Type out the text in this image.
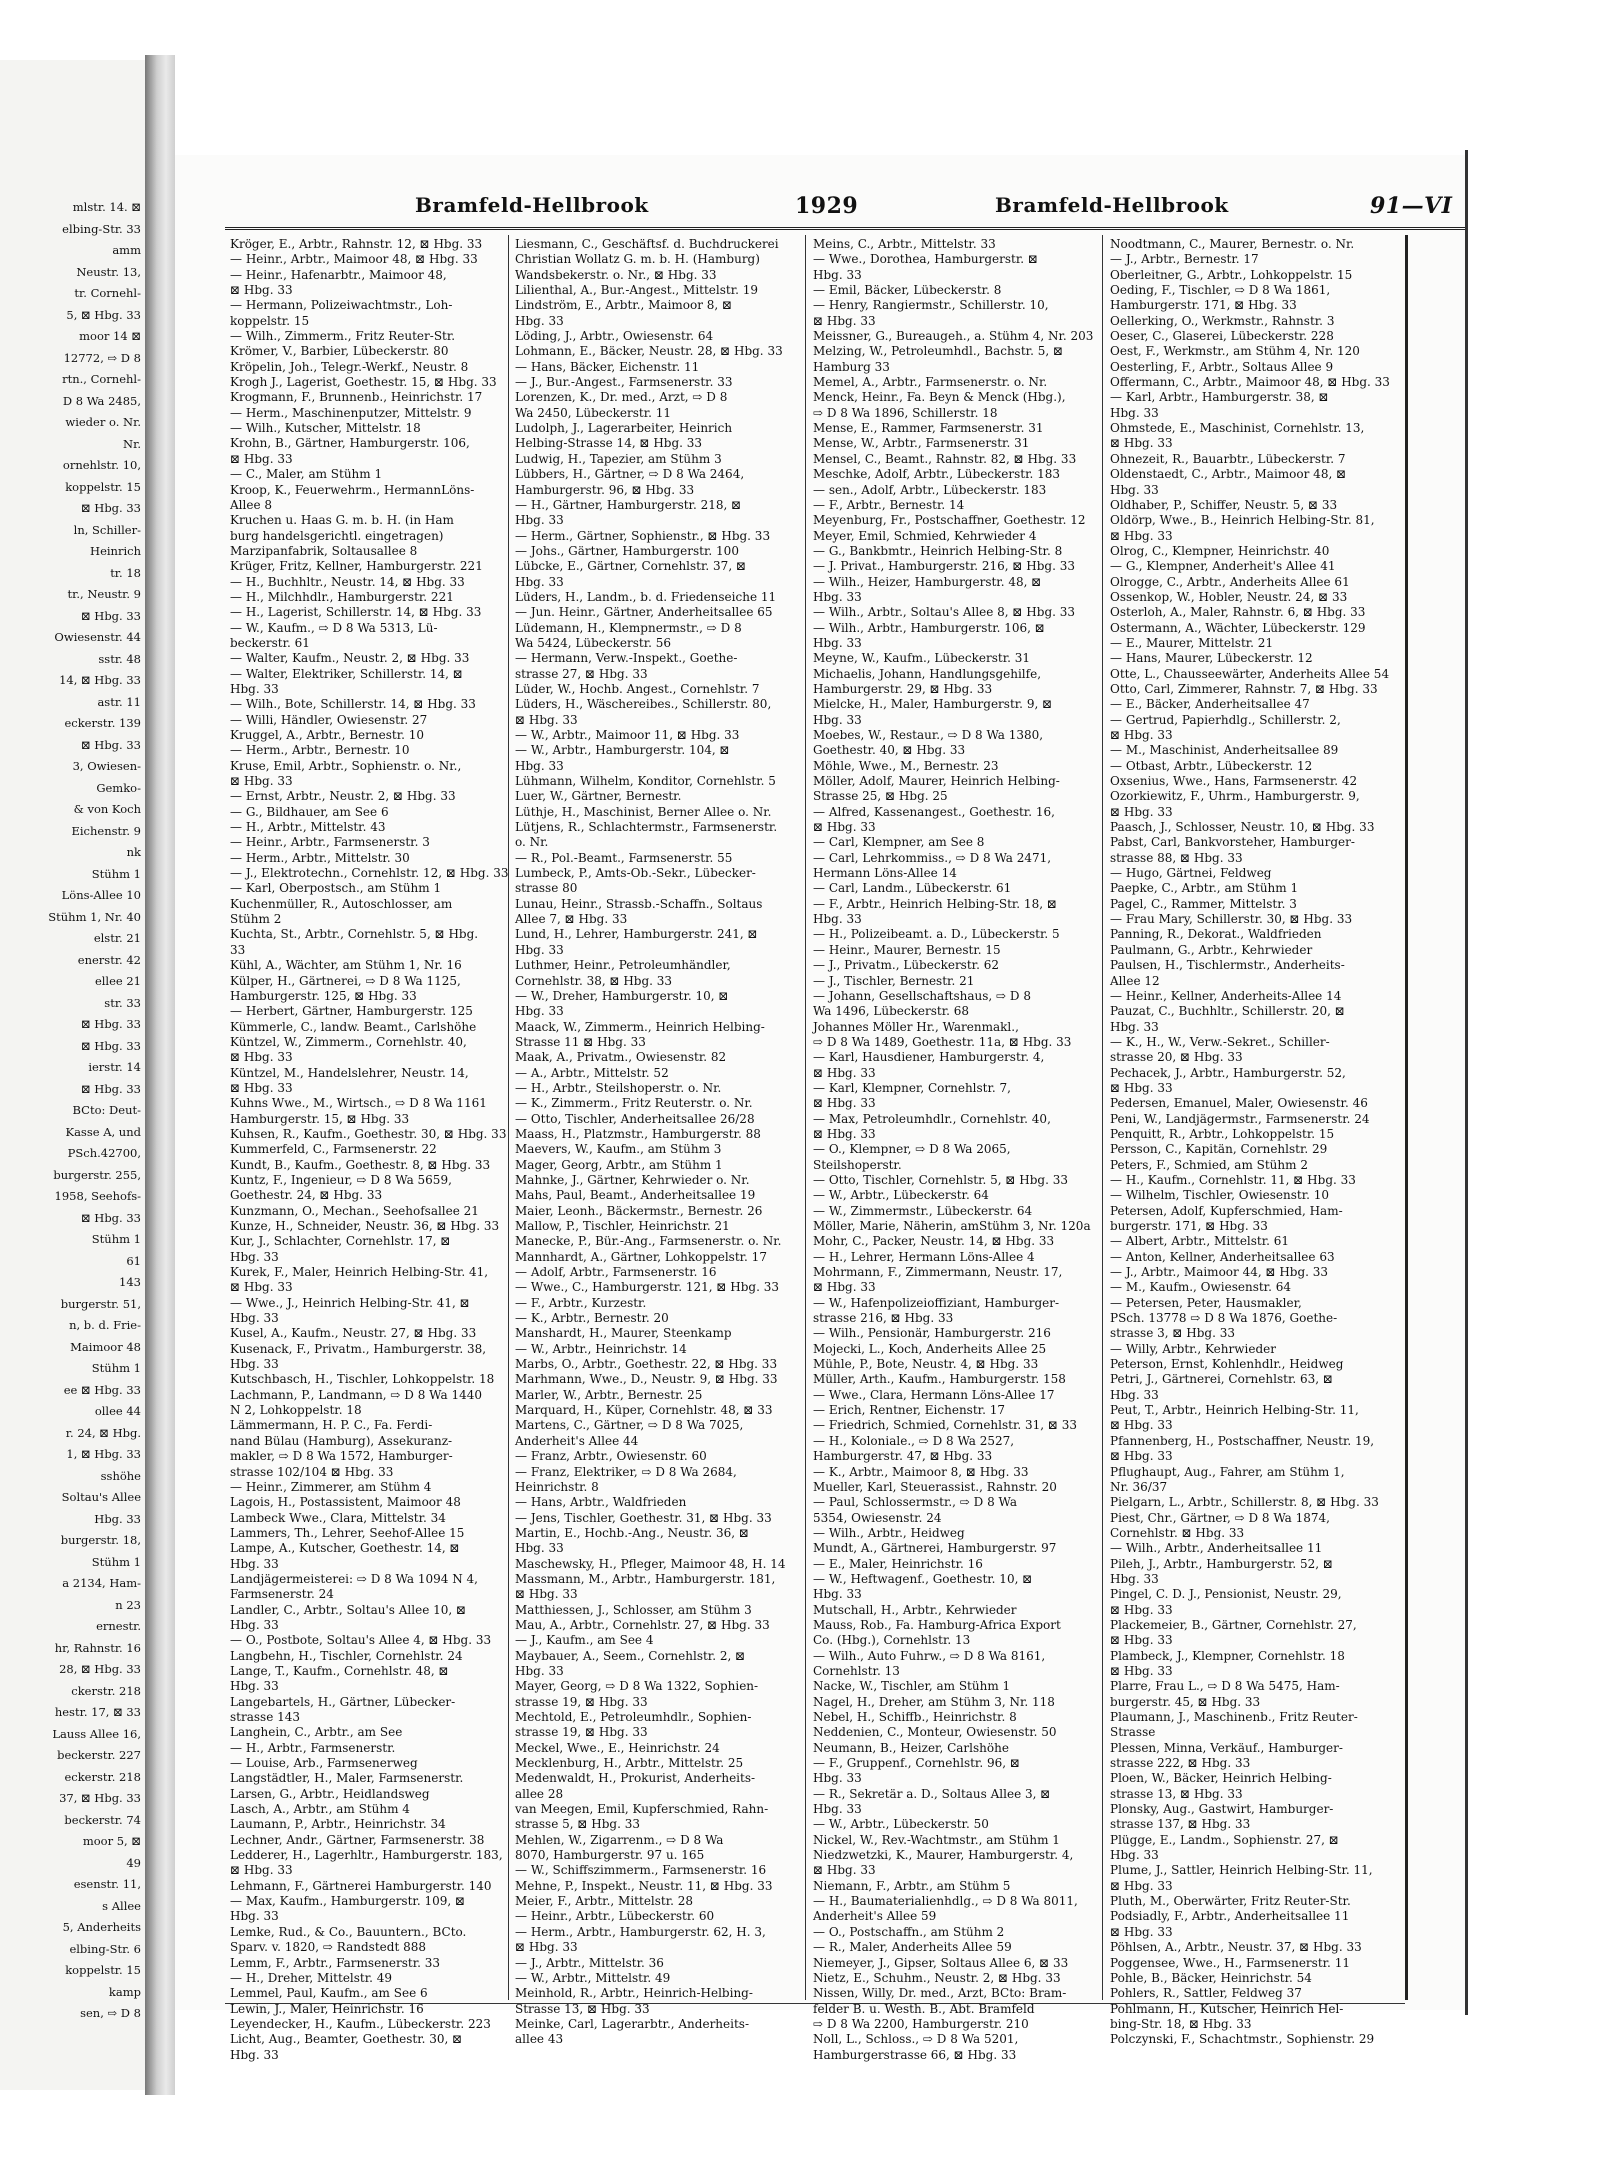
mlstr. 14. ⊠
elbing-Str. 33
amm
Neustr. 13,
tr. Cornehl-
5, ⊠ Hbg. 33
moor 14 ⊠
12772, ⇨ D 8
rtn., Cornehl-
D 8 Wa 2485,
wieder o. Nr.
Nr.
ornehlstr. 10,
koppelstr. 15
⊠ Hbg. 33
ln, Schiller-
Heinrich
tr. 18
tr., Neustr. 9
⊠ Hbg. 33
Owiesenstr. 44
sstr. 48
14, ⊠ Hbg. 33
astr. 11
eckerstr. 139
⊠ Hbg. 33
3, Owiesen-
Gemko-
& von Koch
Eichenstr. 9
nk
Stühm 1
Löns-Allee 10
Stühm 1, Nr. 40
elstr. 21
enerstr. 42
ellee 21
str. 33
⊠ Hbg. 33
⊠ Hbg. 33
ierstr. 14
⊠ Hbg. 33
BCto: Deut-
Kasse A, und
PSch.42700,
burgerstr. 255,
1958, Seehofs-
⊠ Hbg. 33
Stühm 1
61
143
burgerstr. 51,
n, b. d. Frie-
Maimoor 48
Stühm 1
ee ⊠ Hbg. 33
ollee 44
r. 24, ⊠ Hbg.
1, ⊠ Hbg. 33
sshöhe
Soltau's Allee
Hbg. 33
burgerstr. 18,
Stühm 1
a 2134, Ham-
n 23
ernestr.
hr, Rahnstr. 16
28, ⊠ Hbg. 33
ckerstr. 218
hestr. 17, ⊠ 33
Lauss Allee 16,
beckerstr. 227
eckerstr. 218
37, ⊠ Hbg. 33
beckerstr. 74
moor 5, ⊠
49
esenstr. 11,
s Allee
5, Anderheits
elbing-Str. 6
koppelstr. 15
kamp
sen, ⇨ D 8
Bramfeld-Hellbrook	1929	Bramfeld-Hellbrook	91—VI
Kröger, E., Arbtr., Rahnstr. 12, ⊠ Hbg. 33
— Heinr., Arbtr., Maimoor 48, ⊠ Hbg. 33
— Heinr., Hafenarbtr., Maimoor 48,
⊠ Hbg. 33
— Hermann, Polizeiwachtmstr., Loh-
koppelstr. 15
— Wilh., Zimmerm., Fritz Reuter-Str.
Krömer, V., Barbier, Lübeckerstr. 80
Kröpelin, Joh., Telegr.-Werkf., Neustr. 8
Krogh J., Lagerist, Goethestr. 15, ⊠ Hbg. 33
Krogmann, F., Brunnenb., Heinrichstr. 17
— Herm., Maschinenputzer, Mittelstr. 9
— Wilh., Kutscher, Mittelstr. 18
Krohn, B., Gärtner, Hamburgerstr. 106,
⊠ Hbg. 33
— C., Maler, am Stühm 1
Kroop, K., Feuerwehrm., HermannLöns-
Allee 8
Kruchen u. Haas G. m. b. H. (in Ham
burg handelsgerichtl. eingetragen)
Marzipanfabrik, Soltausallee 8
Krüger, Fritz, Kellner, Hamburgerstr. 221
— H., Buchhltr., Neustr. 14, ⊠ Hbg. 33
— H., Milchhdlr., Hamburgerstr. 221
— H., Lagerist, Schillerstr. 14, ⊠ Hbg. 33
— W., Kaufm., ⇨ D 8 Wa 5313, Lü-
beckerstr. 61
— Walter, Kaufm., Neustr. 2, ⊠ Hbg. 33
— Walter, Elektriker, Schillerstr. 14, ⊠
Hbg. 33
— Wilh., Bote, Schillerstr. 14, ⊠ Hbg. 33
— Willi, Händler, Owiesenstr. 27
Kruggel, A., Arbtr., Bernestr. 10
— Herm., Arbtr., Bernestr. 10
Kruse, Emil, Arbtr., Sophienstr. o. Nr.,
⊠ Hbg. 33
— Ernst, Arbtr., Neustr. 2, ⊠ Hbg. 33
— G., Bildhauer, am See 6
— H., Arbtr., Mittelstr. 43
— Heinr., Arbtr., Farmsenerstr. 3
— Herm., Arbtr., Mittelstr. 30
— J., Elektrotechn., Cornehlstr. 12, ⊠ Hbg. 33
— Karl, Oberpostsch., am Stühm 1
Kuchenmüller, R., Autoschlosser, am
Stühm 2
Kuchta, St., Arbtr., Cornehlstr. 5, ⊠ Hbg.
33
Kühl, A., Wächter, am Stühm 1, Nr. 16
Külper, H., Gärtnerei, ⇨ D 8 Wa 1125,
Hamburgerstr. 125, ⊠ Hbg. 33
— Herbert, Gärtner, Hamburgerstr. 125
Kümmerle, C., landw. Beamt., Carlshöhe
Küntzel, W., Zimmerm., Cornehlstr. 40,
⊠ Hbg. 33
Küntzel, M., Handelslehrer, Neustr. 14,
⊠ Hbg. 33
Kuhns Wwe., M., Wirtsch., ⇨ D 8 Wa 1161
Hamburgerstr. 15, ⊠ Hbg. 33
Kuhsen, R., Kaufm., Goethestr. 30, ⊠ Hbg. 33
Kummerfeld, C., Farmsenerstr. 22
Kundt, B., Kaufm., Goethestr. 8, ⊠ Hbg. 33
Kuntz, F., Ingenieur, ⇨ D 8 Wa 5659,
Goethestr. 24, ⊠ Hbg. 33
Kunzmann, O., Mechan., Seehofsallee 21
Kunze, H., Schneider, Neustr. 36, ⊠ Hbg. 33
Kur, J., Schlachter, Cornehlstr. 17, ⊠
Hbg. 33
Kurek, F., Maler, Heinrich Helbing-Str. 41,
⊠ Hbg. 33
— Wwe., J., Heinrich Helbing-Str. 41, ⊠
Hbg. 33
Kusel, A., Kaufm., Neustr. 27, ⊠ Hbg. 33
Kusenack, F., Privatm., Hamburgerstr. 38,
Hbg. 33
Kutschbasch, H., Tischler, Lohkoppelstr. 18
Lachmann, P., Landmann, ⇨ D 8 Wa 1440
N 2, Lohkoppelstr. 18
Lämmermann, H. P. C., Fa. Ferdi-
nand Bülau (Hamburg), Assekuranz-
makler, ⇨ D 8 Wa 1572, Hamburger-
strasse 102/104 ⊠ Hbg. 33
— Heinr., Zimmerer, am Stühm 4
Lagois, H., Postassistent, Maimoor 48
Lambeck Wwe., Clara, Mittelstr. 34
Lammers, Th., Lehrer, Seehof-Allee 15
Lampe, A., Kutscher, Goethestr. 14, ⊠
Hbg. 33
Landjägermeisterei: ⇨ D 8 Wa 1094 N 4,
Farmsenerstr. 24
Landler, C., Arbtr., Soltau's Allee 10, ⊠
Hbg. 33
— O., Postbote, Soltau's Allee 4, ⊠ Hbg. 33
Langbehn, H., Tischler, Cornehlstr. 24
Lange, T., Kaufm., Cornehlstr. 48, ⊠
Hbg. 33
Langebartels, H., Gärtner, Lübecker-
strasse 143
Langhein, C., Arbtr., am See
— H., Arbtr., Farmsenerstr.
— Louise, Arb., Farmsenerweg
Langstädtler, H., Maler, Farmsenerstr.
Larsen, G., Arbtr., Heidlandsweg
Lasch, A., Arbtr., am Stühm 4
Laumann, P., Arbtr., Heinrichstr. 34
Lechner, Andr., Gärtner, Farmsenerstr. 38
Ledderer, H., Lagerhltr., Hamburgerstr. 183,
⊠ Hbg. 33
Lehmann, F., Gärtnerei Hamburgerstr. 140
— Max, Kaufm., Hamburgerstr. 109, ⊠
Hbg. 33
Lemke, Rud., & Co., Bauuntern., BCto.
Sparv. v. 1820, ⇨ Randstedt 888
Lemm, F., Arbtr., Farmsenerstr. 33
— H., Dreher, Mittelstr. 49
Lemmel, Paul, Kaufm., am See 6
Lewin, J., Maler, Heinrichstr. 16
Leyendecker, H., Kaufm., Lübeckerstr. 223
Licht, Aug., Beamter, Goethestr. 30, ⊠
Hbg. 33
Liesmann, C., Geschäftsf. d. Buchdruckerei
Christian Wollatz G. m. b. H. (Hamburg)
Wandsbekerstr. o. Nr., ⊠ Hbg. 33
Lilienthal, A., Bur.-Angest., Mittelstr. 19
Lindström, E., Arbtr., Maimoor 8, ⊠
Hbg. 33
Löding, J., Arbtr., Owiesenstr. 64
Lohmann, E., Bäcker, Neustr. 28, ⊠ Hbg. 33
— Hans, Bäcker, Eichenstr. 11
— J., Bur.-Angest., Farmsenerstr. 33
Lorenzen, K., Dr. med., Arzt, ⇨ D 8
Wa 2450, Lübeckerstr. 11
Ludolph, J., Lagerarbeiter, Heinrich
Helbing-Strasse 14, ⊠ Hbg. 33
Ludwig, H., Tapezier, am Stühm 3
Lübbers, H., Gärtner, ⇨ D 8 Wa 2464,
Hamburgerstr. 96, ⊠ Hbg. 33
— H., Gärtner, Hamburgerstr. 218, ⊠
Hbg. 33
— Herm., Gärtner, Sophienstr., ⊠ Hbg. 33
— Johs., Gärtner, Hamburgerstr. 100
Lübcke, E., Gärtner, Cornehlstr. 37, ⊠
Hbg. 33
Lüders, H., Landm., b. d. Friedenseiche 11
— Jun. Heinr., Gärtner, Anderheitsallee 65
Lüdemann, H., Klempnermstr., ⇨ D 8
Wa 5424, Lübeckerstr. 56
— Hermann, Verw.-Inspekt., Goethe-
strasse 27, ⊠ Hbg. 33
Lüder, W., Hochb. Angest., Cornehlstr. 7
Lüders, H., Wäschereibes., Schillerstr. 80,
⊠ Hbg. 33
— W., Arbtr., Maimoor 11, ⊠ Hbg. 33
— W., Arbtr., Hamburgerstr. 104, ⊠
Hbg. 33
Lühmann, Wilhelm, Konditor, Cornehlstr. 5
Luer, W., Gärtner, Bernestr.
Lüthje, H., Maschinist, Berner Allee o. Nr.
Lütjens, R., Schlachtermstr., Farmsenerstr.
o. Nr.
— R., Pol.-Beamt., Farmsenerstr. 55
Lumbeck, P., Amts-Ob.-Sekr., Lübecker-
strasse 80
Lunau, Heinr., Strassb.-Schaffn., Soltaus
Allee 7, ⊠ Hbg. 33
Lund, H., Lehrer, Hamburgerstr. 241, ⊠
Hbg. 33
Luthmer, Heinr., Petroleumhändler,
Cornehlstr. 38, ⊠ Hbg. 33
— W., Dreher, Hamburgerstr. 10, ⊠
Hbg. 33
Maack, W., Zimmerm., Heinrich Helbing-
Strasse 11 ⊠ Hbg. 33
Maak, A., Privatm., Owiesenstr. 82
— A., Arbtr., Mittelstr. 52
— H., Arbtr., Steilshoperstr. o. Nr.
— K., Zimmerm., Fritz Reuterstr. o. Nr.
— Otto, Tischler, Anderheitsallee 26/28
Maass, H., Platzmstr., Hamburgerstr. 88
Maevers, W., Kaufm., am Stühm 3
Mager, Georg, Arbtr., am Stühm 1
Mahnke, J., Gärtner, Kehrwieder o. Nr.
Mahs, Paul, Beamt., Anderheitsallee 19
Maier, Leonh., Bäckermstr., Bernestr. 26
Mallow, P., Tischler, Heinrichstr. 21
Manecke, P., Bür.-Ang., Farmsenerstr. o. Nr.
Mannhardt, A., Gärtner, Lohkoppelstr. 17
— Adolf, Arbtr., Farmsenerstr. 16
— Wwe., C., Hamburgerstr. 121, ⊠ Hbg. 33
— F., Arbtr., Kurzestr.
— K., Arbtr., Bernestr. 20
Manshardt, H., Maurer, Steenkamp
— W., Arbtr., Heinrichstr. 14
Marbs, O., Arbtr., Goethestr. 22, ⊠ Hbg. 33
Marhmann, Wwe., D., Neustr. 9, ⊠ Hbg. 33
Marler, W., Arbtr., Bernestr. 25
Marquard, H., Küper, Cornehlstr. 48, ⊠ 33
Martens, C., Gärtner, ⇨ D 8 Wa 7025,
Anderheit's Allee 44
— Franz, Arbtr., Owiesenstr. 60
— Franz, Elektriker, ⇨ D 8 Wa 2684,
Heinrichstr. 8
— Hans, Arbtr., Waldfrieden
— Jens, Tischler, Goethestr. 31, ⊠ Hbg. 33
Martin, E., Hochb.-Ang., Neustr. 36, ⊠
Hbg. 33
Maschewsky, H., Pfleger, Maimoor 48, H. 14
Massmann, M., Arbtr., Hamburgerstr. 181,
⊠ Hbg. 33
Matthiessen, J., Schlosser, am Stühm 3
Mau, A., Arbtr., Cornehlstr. 27, ⊠ Hbg. 33
— J., Kaufm., am See 4
Maybauer, A., Seem., Cornehlstr. 2, ⊠
Hbg. 33
Mayer, Georg, ⇨ D 8 Wa 1322, Sophien-
strasse 19, ⊠ Hbg. 33
Mechtold, E., Petroleumhdlr., Sophien-
strasse 19, ⊠ Hbg. 33
Meckel, Wwe., E., Heinrichstr. 24
Mecklenburg, H., Arbtr., Mittelstr. 25
Medenwaldt, H., Prokurist, Anderheits-
allee 28
van Meegen, Emil, Kupferschmied, Rahn-
strasse 5, ⊠ Hbg. 33
Mehlen, W., Zigarrenm., ⇨ D 8 Wa
8070, Hamburgerstr. 97 u. 165
— W., Schiffszimmerm., Farmsenerstr. 16
Mehne, P., Inspekt., Neustr. 11, ⊠ Hbg. 33
Meier, F., Arbtr., Mittelstr. 28
— Heinr., Arbtr., Lübeckerstr. 60
— Herm., Arbtr., Hamburgerstr. 62, H. 3,
⊠ Hbg. 33
— J., Arbtr., Mittelstr. 36
— W., Arbtr., Mittelstr. 49
Meinhold, R., Arbtr., Heinrich-Helbing-
Strasse 13, ⊠ Hbg. 33
Meinke, Carl, Lagerarbtr., Anderheits-
allee 43
Meins, C., Arbtr., Mittelstr. 33
— Wwe., Dorothea, Hamburgerstr. ⊠
Hbg. 33
— Emil, Bäcker, Lübeckerstr. 8
— Henry, Rangiermstr., Schillerstr. 10,
⊠ Hbg. 33
Meissner, G., Bureaugeh., a. Stühm 4, Nr. 203
Melzing, W., Petroleumhdl., Bachstr. 5, ⊠
Hamburg 33
Memel, A., Arbtr., Farmsenerstr. o. Nr.
Menck, Heinr., Fa. Beyn & Menck (Hbg.),
⇨ D 8 Wa 1896, Schillerstr. 18
Mense, E., Rammer, Farmsenerstr. 31
Mense, W., Arbtr., Farmsenerstr. 31
Mensel, C., Beamt., Rahnstr. 82, ⊠ Hbg. 33
Meschke, Adolf, Arbtr., Lübeckerstr. 183
— sen., Adolf, Arbtr., Lübeckerstr. 183
— F., Arbtr., Bernestr. 14
Meyenburg, Fr., Postschaffner, Goethestr. 12
Meyer, Emil, Schmied, Kehrwieder 4
— G., Bankbmtr., Heinrich Helbing-Str. 8
— J. Privat., Hamburgerstr. 216, ⊠ Hbg. 33
— Wilh., Heizer, Hamburgerstr. 48, ⊠
Hbg. 33
— Wilh., Arbtr., Soltau's Allee 8, ⊠ Hbg. 33
— Wilh., Arbtr., Hamburgerstr. 106, ⊠
Hbg. 33
Meyne, W., Kaufm., Lübeckerstr. 31
Michaelis, Johann, Handlungsgehilfe,
Hamburgerstr. 29, ⊠ Hbg. 33
Mielcke, H., Maler, Hamburgerstr. 9, ⊠
Hbg. 33
Moebes, W., Restaur., ⇨ D 8 Wa 1380,
Goethestr. 40, ⊠ Hbg. 33
Möhle, Wwe., M., Bernestr. 23
Möller, Adolf, Maurer, Heinrich Helbing-
Strasse 25, ⊠ Hbg. 25
— Alfred, Kassenangest., Goethestr. 16,
⊠ Hbg. 33
— Carl, Klempner, am See 8
— Carl, Lehrkommiss., ⇨ D 8 Wa 2471,
Hermann Löns-Allee 14
— Carl, Landm., Lübeckerstr. 61
— F., Arbtr., Heinrich Helbing-Str. 18, ⊠
Hbg. 33
— H., Polizeibeamt. a. D., Lübeckerstr. 5
— Heinr., Maurer, Bernestr. 15
— J., Privatm., Lübeckerstr. 62
— J., Tischler, Bernestr. 21
— Johann, Gesellschaftshaus, ⇨ D 8
Wa 1496, Lübeckerstr. 68
Johannes Möller Hr., Warenmakl.,
⇨ D 8 Wa 1489, Goethestr. 11a, ⊠ Hbg. 33
— Karl, Hausdiener, Hamburgerstr. 4,
⊠ Hbg. 33
— Karl, Klempner, Cornehlstr. 7,
⊠ Hbg. 33
— Max, Petroleumhdlr., Cornehlstr. 40,
⊠ Hbg. 33
— O., Klempner, ⇨ D 8 Wa 2065,
Steilshoperstr.
— Otto, Tischler, Cornehlstr. 5, ⊠ Hbg. 33
— W., Arbtr., Lübeckerstr. 64
— W., Zimmermstr., Lübeckerstr. 64
Möller, Marie, Näherin, amStühm 3, Nr. 120a
Mohr, C., Packer, Neustr. 14, ⊠ Hbg. 33
— H., Lehrer, Hermann Löns-Allee 4
Mohrmann, F., Zimmermann, Neustr. 17,
⊠ Hbg. 33
— W., Hafenpolizeioffiziant, Hamburger-
strasse 216, ⊠ Hbg. 33
— Wilh., Pensionär, Hamburgerstr. 216
Mojecki, L., Koch, Anderheits Allee 25
Mühle, P., Bote, Neustr. 4, ⊠ Hbg. 33
Müller, Arth., Kaufm., Hamburgerstr. 158
— Wwe., Clara, Hermann Löns-Allee 17
— Erich, Rentner, Eichenstr. 17
— Friedrich, Schmied, Cornehlstr. 31, ⊠ 33
— H., Koloniale., ⇨ D 8 Wa 2527,
Hamburgerstr. 47, ⊠ Hbg. 33
— K., Arbtr., Maimoor 8, ⊠ Hbg. 33
Mueller, Karl, Steuerassist., Rahnstr. 20
— Paul, Schlossermstr., ⇨ D 8 Wa
5354, Owiesenstr. 24
— Wilh., Arbtr., Heidweg
Mundt, A., Gärtnerei, Hamburgerstr. 97
— E., Maler, Heinrichstr. 16
— W., Heftwagenf., Goethestr. 10, ⊠
Hbg. 33
Mutschall, H., Arbtr., Kehrwieder
Mauss, Rob., Fa. Hamburg-Africa Export
Co. (Hbg.), Cornehlstr. 13
— Wilh., Auto Fuhrw., ⇨ D 8 Wa 8161,
Cornehlstr. 13
Nacke, W., Tischler, am Stühm 1
Nagel, H., Dreher, am Stühm 3, Nr. 118
Nebel, H., Schiffb., Heinrichstr. 8
Neddenien, C., Monteur, Owiesenstr. 50
Neumann, B., Heizer, Carlshöhe
— F., Gruppenf., Cornehlstr. 96, ⊠
Hbg. 33
— R., Sekretär a. D., Soltaus Allee 3, ⊠
Hbg. 33
— W., Arbtr., Lübeckerstr. 50
Nickel, W., Rev.-Wachtmstr., am Stühm 1
Niedzwetzki, K., Maurer, Hamburgerstr. 4,
⊠ Hbg. 33
Niemann, F., Arbtr., am Stühm 5
— H., Baumaterialienhdlg., ⇨ D 8 Wa 8011,
Anderheit's Allee 59
— O., Postschaffn., am Stühm 2
— R., Maler, Anderheits Allee 59
Niemeyer, J., Gipser, Soltaus Allee 6, ⊠ 33
Nietz, E., Schuhm., Neustr. 2, ⊠ Hbg. 33
Nissen, Willy, Dr. med., Arzt, BCto: Bram-
felder B. u. Westh. B., Abt. Bramfeld
⇨ D 8 Wa 2200, Hamburgerstr. 210
Noll, L., Schloss., ⇨ D 8 Wa 5201,
Hamburgerstrasse 66, ⊠ Hbg. 33
Noodtmann, C., Maurer, Bernestr. o. Nr.
— J., Arbtr., Bernestr. 17
Oberleitner, G., Arbtr., Lohkoppelstr. 15
Oeding, F., Tischler, ⇨ D 8 Wa 1861,
Hamburgerstr. 171, ⊠ Hbg. 33
Oellerking, O., Werkmstr., Rahnstr. 3
Oeser, C., Glaserei, Lübeckerstr. 228
Oest, F., Werkmstr., am Stühm 4, Nr. 120
Oesterling, F., Arbtr., Soltaus Allee 9
Offermann, C., Arbtr., Maimoor 48, ⊠ Hbg. 33
— Karl, Arbtr., Hamburgerstr. 38, ⊠
Hbg. 33
Ohmstede, E., Maschinist, Cornehlstr. 13,
⊠ Hbg. 33
Ohnezeit, R., Bauarbtr., Lübeckerstr. 7
Oldenstaedt, C., Arbtr., Maimoor 48, ⊠
Hbg. 33
Oldhaber, P., Schiffer, Neustr. 5, ⊠ 33
Oldörp, Wwe., B., Heinrich Helbing-Str. 81,
⊠ Hbg. 33
Olrog, C., Klempner, Heinrichstr. 40
— G., Klempner, Anderheit's Allee 41
Olrogge, C., Arbtr., Anderheits Allee 61
Ossenkop, W., Hobler, Neustr. 24, ⊠ 33
Osterloh, A., Maler, Rahnstr. 6, ⊠ Hbg. 33
Ostermann, A., Wächter, Lübeckerstr. 129
— E., Maurer, Mittelstr. 21
— Hans, Maurer, Lübeckerstr. 12
Otte, L., Chausseewärter, Anderheits Allee 54
Otto, Carl, Zimmerer, Rahnstr. 7, ⊠ Hbg. 33
— E., Bäcker, Anderheitsallee 47
— Gertrud, Papierhdlg., Schillerstr. 2,
⊠ Hbg. 33
— M., Maschinist, Anderheitsallee 89
— Otbast, Arbtr., Lübeckerstr. 12
Oxsenius, Wwe., Hans, Farmsenerstr. 42
Ozorkiewitz, F., Uhrm., Hamburgerstr. 9,
⊠ Hbg. 33
Paasch, J., Schlosser, Neustr. 10, ⊠ Hbg. 33
Pabst, Carl, Bankvorsteher, Hamburger-
strasse 88, ⊠ Hbg. 33
— Hugo, Gärtnei, Feldweg
Paepke, C., Arbtr., am Stühm 1
Pagel, C., Rammer, Mittelstr. 3
— Frau Mary, Schillerstr. 30, ⊠ Hbg. 33
Panning, R., Dekorat., Waldfrieden
Paulmann, G., Arbtr., Kehrwieder
Paulsen, H., Tischlermstr., Anderheits-
Allee 12
— Heinr., Kellner, Anderheits-Allee 14
Pauzat, C., Buchhltr., Schillerstr. 20, ⊠
Hbg. 33
— K., H., W., Verw.-Sekret., Schiller-
strasse 20, ⊠ Hbg. 33
Pechacek, J., Arbtr., Hamburgerstr. 52,
⊠ Hbg. 33
Pedersen, Emanuel, Maler, Owiesenstr. 46
Peni, W., Landjägermstr., Farmsenerstr. 24
Penquitt, R., Arbtr., Lohkoppelstr. 15
Persson, C., Kapitän, Cornehlstr. 29
Peters, F., Schmied, am Stühm 2
— H., Kaufm., Cornehlstr. 11, ⊠ Hbg. 33
— Wilhelm, Tischler, Owiesenstr. 10
Petersen, Adolf, Kupferschmied, Ham-
burgerstr. 171, ⊠ Hbg. 33
— Albert, Arbtr., Mittelstr. 61
— Anton, Kellner, Anderheitsallee 63
— J., Arbtr., Maimoor 44, ⊠ Hbg. 33
— M., Kaufm., Owiesenstr. 64
— Petersen, Peter, Hausmakler,
PSch. 13778 ⇨ D 8 Wa 1876, Goethe-
strasse 3, ⊠ Hbg. 33
— Willy, Arbtr., Kehrwieder
Peterson, Ernst, Kohlenhdlr., Heidweg
Petri, J., Gärtnerei, Cornehlstr. 63, ⊠
Hbg. 33
Peut, T., Arbtr., Heinrich Helbing-Str. 11,
⊠ Hbg. 33
Pfannenberg, H., Postschaffner, Neustr. 19,
⊠ Hbg. 33
Pflughaupt, Aug., Fahrer, am Stühm 1,
Nr. 36/37
Pielgarn, L., Arbtr., Schillerstr. 8, ⊠ Hbg. 33
Piest, Chr., Gärtner, ⇨ D 8 Wa 1874,
Cornehlstr. ⊠ Hbg. 33
— Wilh., Arbtr., Anderheitsallee 11
Pileh, J., Arbtr., Hamburgerstr. 52, ⊠
Hbg. 33
Pingel, C. D. J., Pensionist, Neustr. 29,
⊠ Hbg. 33
Plackemeier, B., Gärtner, Cornehlstr. 27,
⊠ Hbg. 33
Plambeck, J., Klempner, Cornehlstr. 18
⊠ Hbg. 33
Plarre, Frau L., ⇨ D 8 Wa 5475, Ham-
burgerstr. 45, ⊠ Hbg. 33
Plaumann, J., Maschinenb., Fritz Reuter-
Strasse
Plessen, Minna, Verkäuf., Hamburger-
strasse 222, ⊠ Hbg. 33
Ploen, W., Bäcker, Heinrich Helbing-
strasse 13, ⊠ Hbg. 33
Plonsky, Aug., Gastwirt, Hamburger-
strasse 137, ⊠ Hbg. 33
Plügge, E., Landm., Sophienstr. 27, ⊠
Hbg. 33
Plume, J., Sattler, Heinrich Helbing-Str. 11,
⊠ Hbg. 33
Pluth, M., Oberwärter, Fritz Reuter-Str.
Podsiadly, F., Arbtr., Anderheitsallee 11
⊠ Hbg. 33
Pöhlsen, A., Arbtr., Neustr. 37, ⊠ Hbg. 33
Poggensee, Wwe., H., Farmsenerstr. 11
Pohle, B., Bäcker, Heinrichstr. 54
Pohlers, R., Sattler, Feldweg 37
Pohlmann, H., Kutscher, Heinrich Hel-
bing-Str. 18, ⊠ Hbg. 33
Polczynski, F., Schachtmstr., Sophienstr. 29
